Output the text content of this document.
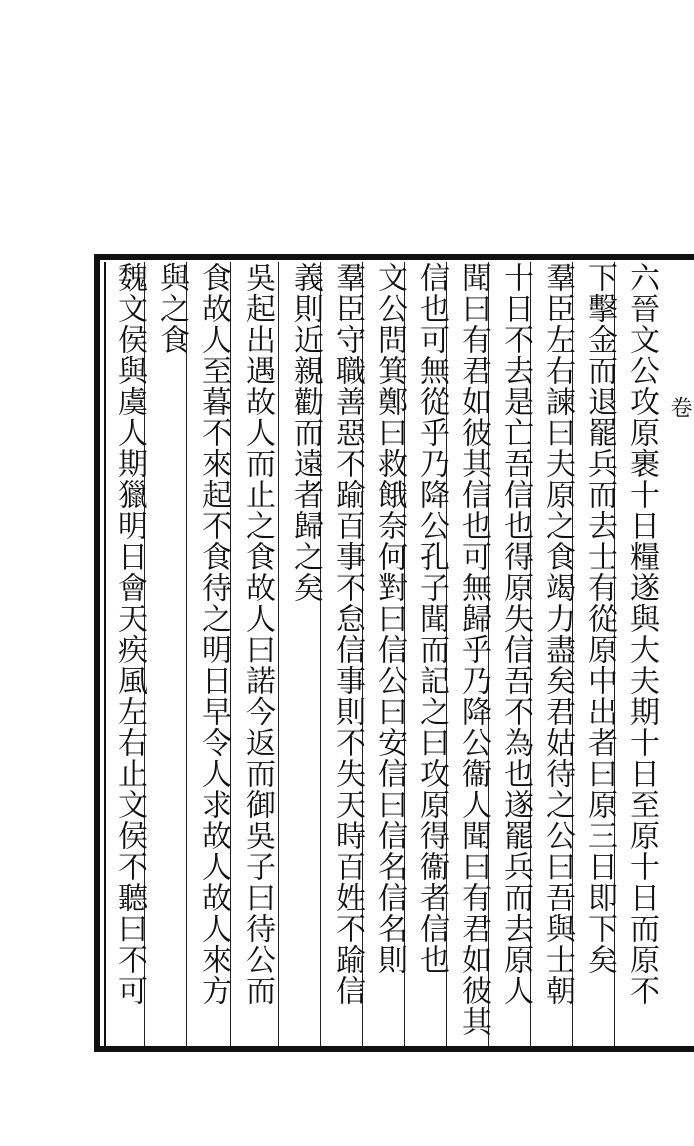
六晉文公攻原裹十日糧遂與大夫期十日至原十日而原不
下擊金而退罷兵而去士有從原中出者曰原三日即下矣
羣臣左右諫曰夫原之食竭力盡矣君姑待之公曰吾與士朝
十日不去是亡吾信也得原失信吾不為也遂罷兵而去原人
聞曰有君如彼其信也可無歸乎乃降公衞人聞曰有君如彼其
信也可無從乎乃降公孔子聞而記之曰攻原得衞者信也
文公問箕鄭曰救餓奈何對曰信公曰安信曰信名信名則
羣臣守職善惡不踰百事不怠信事則不失天時百姓不踰信
義則近親勸而遠者歸之矣
吳起出遇故人而止之食故人曰諾今返而御吳子曰待公而
食故人至暮不來起不食待之明日早令人求故人故人來方
與之食
魏文侯與虞人期獵明日會天疾風左右止文侯不聽曰不可	卷
